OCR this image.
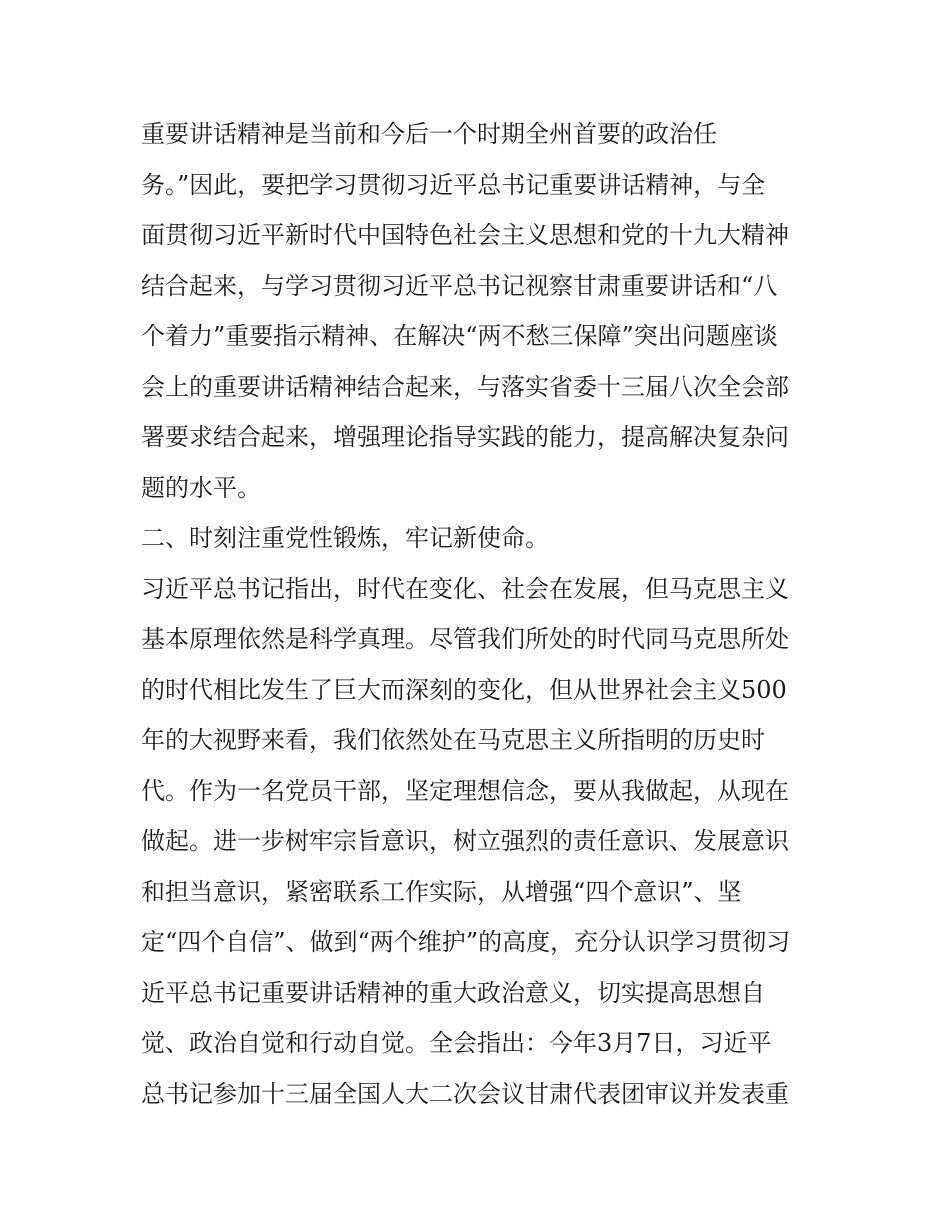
重要讲话精神是当前和今后一个时期全州首要的政治任
务。”因此，要把学习贯彻习近平总书记重要讲话精神，与全
面贯彻习近平新时代中国特色社会主义思想和党的十九大精神
结合起来，与学习贯彻习近平总书记视察甘肃重要讲话和“八
个着力”重要指示精神、在解决“两不愁三保障”突出问题座谈
会上的重要讲话精神结合起来，与落实省委十三届八次全会部
署要求结合起来，增强理论指导实践的能力，提高解决复杂问
题的水平。
二、时刻注重党性锻炼，牢记新使命。
习近平总书记指出，时代在变化、社会在发展，但马克思主义
基本原理依然是科学真理。尽管我们所处的时代同马克思所处
的时代相比发生了巨大而深刻的变化，但从世界社会主义500
年的大视野来看，我们依然处在马克思主义所指明的历史时
代。作为一名党员干部，坚定理想信念，要从我做起，从现在
做起。进一步树牢宗旨意识，树立强烈的责任意识、发展意识
和担当意识，紧密联系工作实际，从增强“四个意识”、坚
定“四个自信”、做到“两个维护”的高度，充分认识学习贯彻习
近平总书记重要讲话精神的重大政治意义，切实提高思想自
觉、政治自觉和行动自觉。全会指出：今年3月7日，习近平
总书记参加十三届全国人大二次会议甘肃代表团审议并发表重
